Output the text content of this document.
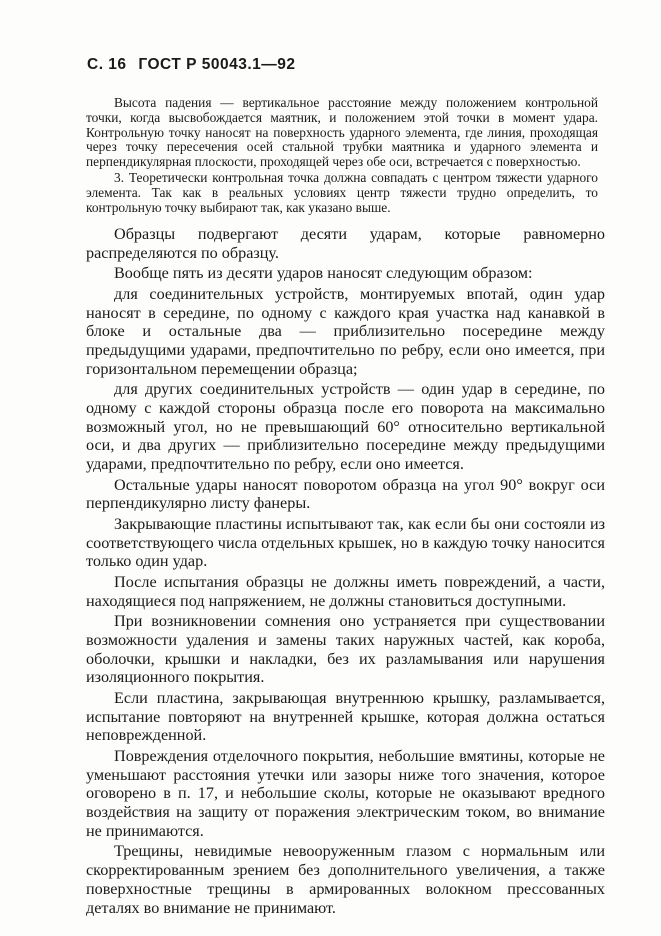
С. 16 ГОСТ Р 50043.1—92

Высота падения — вертикальное расстояние между положением контрольной точки, когда высвобождается маятник, и положением этой точки в момент удара. Контрольную точку наносят на поверхность ударного элемента, где линия, проходящая через точку пересечения осей стальной трубки маятника и ударного элемента и перпендикулярная плоскости, проходящей через обе оси, встречается с поверхностью.

3. Теоретически контрольная точка должна совпадать с центром тяжести ударного элемента. Так как в реальных условиях центр тяжести трудно определить, то контрольную точку выбирают так, как указано выше.

Образцы подвергают десяти ударам, которые равномерно распределяются по образцу.

Вообще пять из десяти ударов наносят следующим образом:

для соединительных устройств, монтируемых впотай, один удар наносят в середине, по одному с каждого края участка над канавкой в блоке и остальные два — приблизительно посередине между предыдущими ударами, предпочтительно по ребру, если оно имеется, при горизонтальном перемещении образца;

для других соединительных устройств — один удар в середине, по одному с каждой стороны образца после его поворота на максимально возможный угол, но не превышающий 60° относительно вертикальной оси, и два других — приблизительно посередине между предыдущими ударами, предпочтительно по ребру, если оно имеется.

Остальные удары наносят поворотом образца на угол 90° вокруг оси перпендикулярно листу фанеры.

Закрывающие пластины испытывают так, как если бы они состояли из соответствующего числа отдельных крышек, но в каждую точку наносится только один удар.

После испытания образцы не должны иметь повреждений, а части, находящиеся под напряжением, не должны становиться доступными.

При возникновении сомнения оно устраняется при существовании возможности удаления и замены таких наружных частей, как короба, оболочки, крышки и накладки, без их разламывания или нарушения изоляционного покрытия.

Если пластина, закрывающая внутреннюю крышку, разламывается, испытание повторяют на внутренней крышке, которая должна остаться неповрежденной.

Повреждения отделочного покрытия, небольшие вмятины, которые не уменьшают расстояния утечки или зазоры ниже того значения, которое оговорено в п. 17, и небольшие сколы, которые не оказывают вредного воздействия на защиту от поражения электрическим током, во внимание не принимаются.

Трещины, невидимые невооруженным глазом с нормальным или скорректированным зрением без дополнительного увеличения, а также поверхностные трещины в армированных волокном прессованных деталях во внимание не принимают.
